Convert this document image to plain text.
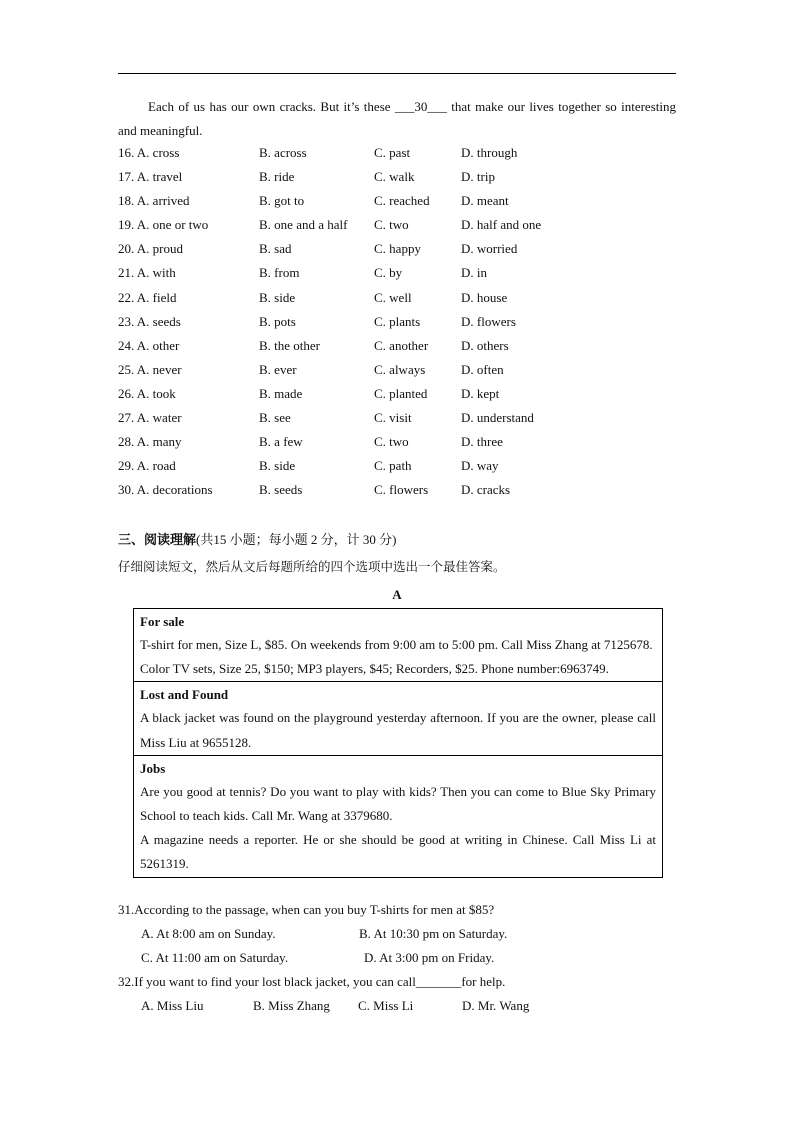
Each of us has our own cracks. But it’s these ___30___ that make our lives together so interesting and meaningful.
16. A. cross	B. across	C. past	D. through
17. A. travel	B. ride	C. walk	D. trip
18. A. arrived	B. got to	C. reached D. meant
19. A. one or two	B. one and a half C. two	D. half and one
20. A. proud	B. sad	C. happy	D. worried
21. A. with	B. from	C. by	D. in
22. A. field	B. side	C. well	D. house
23. A. seeds	B. pots	C. plants	D. flowers
24. A. other	B. the other	C. another	D. others
25. A. never	B. ever	C. always	D. often
26. A. took	B. made	C. planted	D. kept
27. A. water	B. see	C. visit	D. understand
28. A. many	B. a few	C. two	D. three
29. A. road	B. side	C. path	D. way
30. A. decorations	B. seeds	C. flowers	D. cracks
三、阅读理解(共15 小题；每小题 2 分，计 30 分)
仔细阅读短文，然后从文后每题所给的四个选项中选出一个最佳答案。
A
For sale

T-shirt for men, Size L, $85. On weekends from 9:00 am to 5:00 pm. Call Miss Zhang at 7125678.

Color TV sets, Size 25, $150; MP3 players, $45; Recorders, $25. Phone number:6963749.

Lost and Found

A black jacket was found on the playground yesterday afternoon. If you are the owner, please call Miss Liu at 9655128.

Jobs

Are you good at tennis? Do you want to play with kids? Then you can come to Blue Sky Primary School to teach kids. Call Mr. Wang at 3379680.

A magazine needs a reporter. He or she should be good at writing in Chinese. Call Miss Li at 5261319.

31.According to the passage, when can you buy T-shirts for men at $85?
A. At 8:00 am on Sunday.	B. At 10:30 pm on Saturday.
C. At 11:00 am on Saturday.	D. At 3:00 pm on Friday.
32.If you want to find your lost black jacket, you can call_______for help.
A. Miss Liu	B. Miss Zhang C. Miss Li	D. Mr. Wang
